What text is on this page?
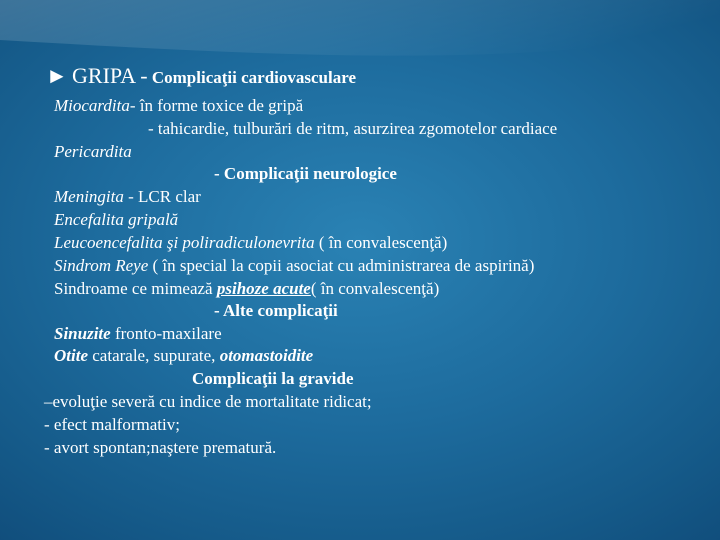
► GRIPA - Complicaţii cardiovasculare
Miocardita- în forme toxice de gripă
- tahicardie, tulburări de ritm, asurzirea zgomotelor cardiace
Pericardita
- Complicaţii neurologice
Meningita - LCR clar
Encefalita gripală
Leucoencefalita şi poliradiculonevrita ( în convalescenţă)
Sindrom Reye ( în special la copii asociat cu administrarea de aspirină)
Sindroame ce mimează psihoze acute( în convalescenţă)
- Alte complicaţii
Sinuzite fronto-maxilare
Otite catarale, supurate, otomastoidite
Complicaţii la gravide
–evoluţie severă cu indice de mortalitate ridicat;
- efect malformativ;
- avort spontan;naştere prematură.
